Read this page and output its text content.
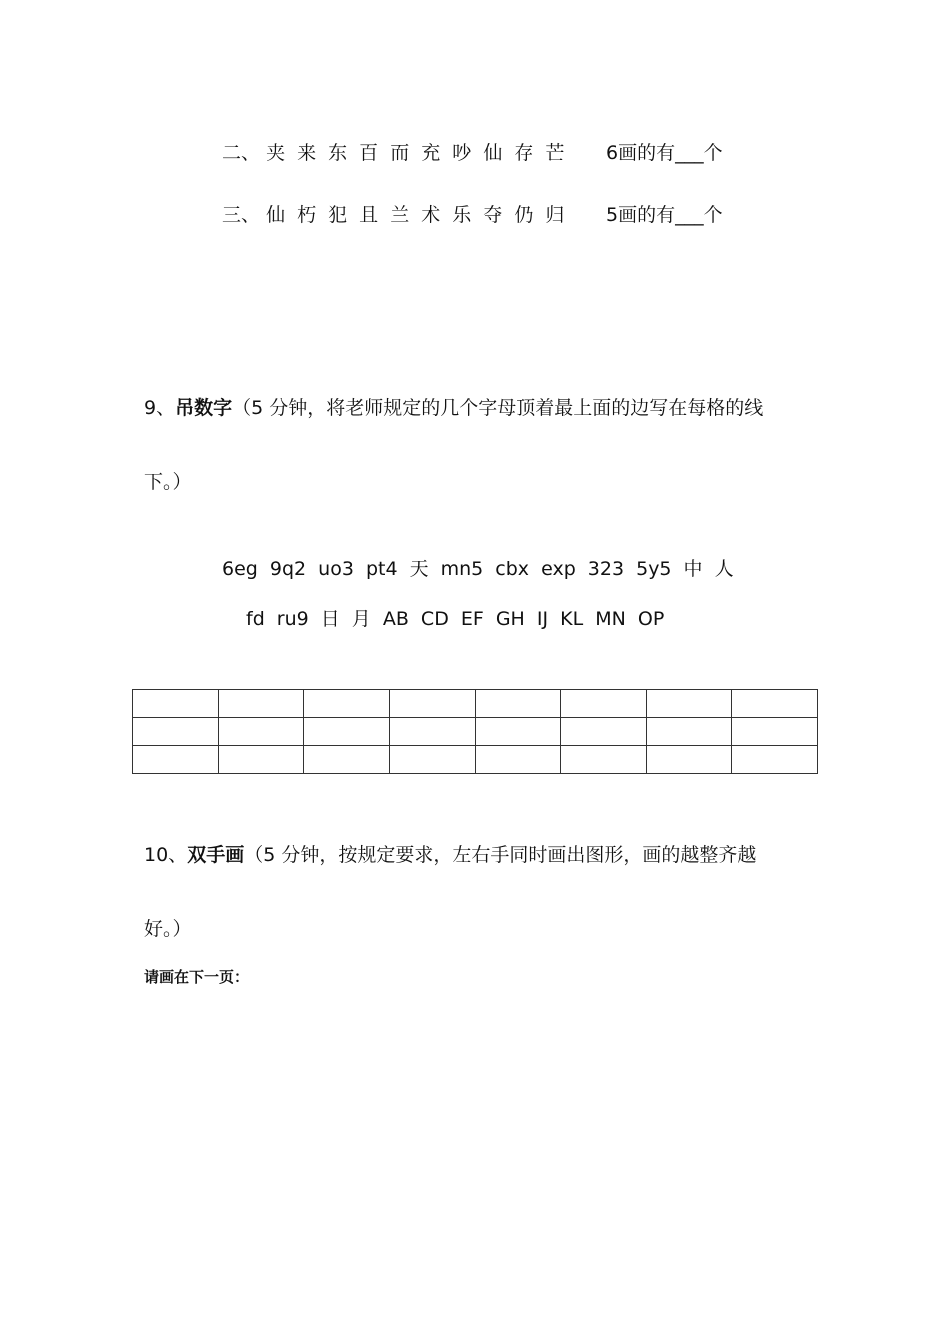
二、 夹 来 东 百 而 充 吵 仙 存 芒 6画的有___个
三、 仙 朽 犯 且 兰 术 乐 夺 仍 归 5画的有___个
9、吊数字（5 分钟，将老师规定的几个字母顶着最上面的边写在每格的线
下。）
6eg 9q2 uo3 pt4 天 mn5 cbx exp 323 5y5 中 人
fd ru9 日 月 AB CD EF GH IJ KL MN OP

10、双手画（5 分钟，按规定要求，左右手同时画出图形，画的越整齐越
好。）
请画在下一页：
